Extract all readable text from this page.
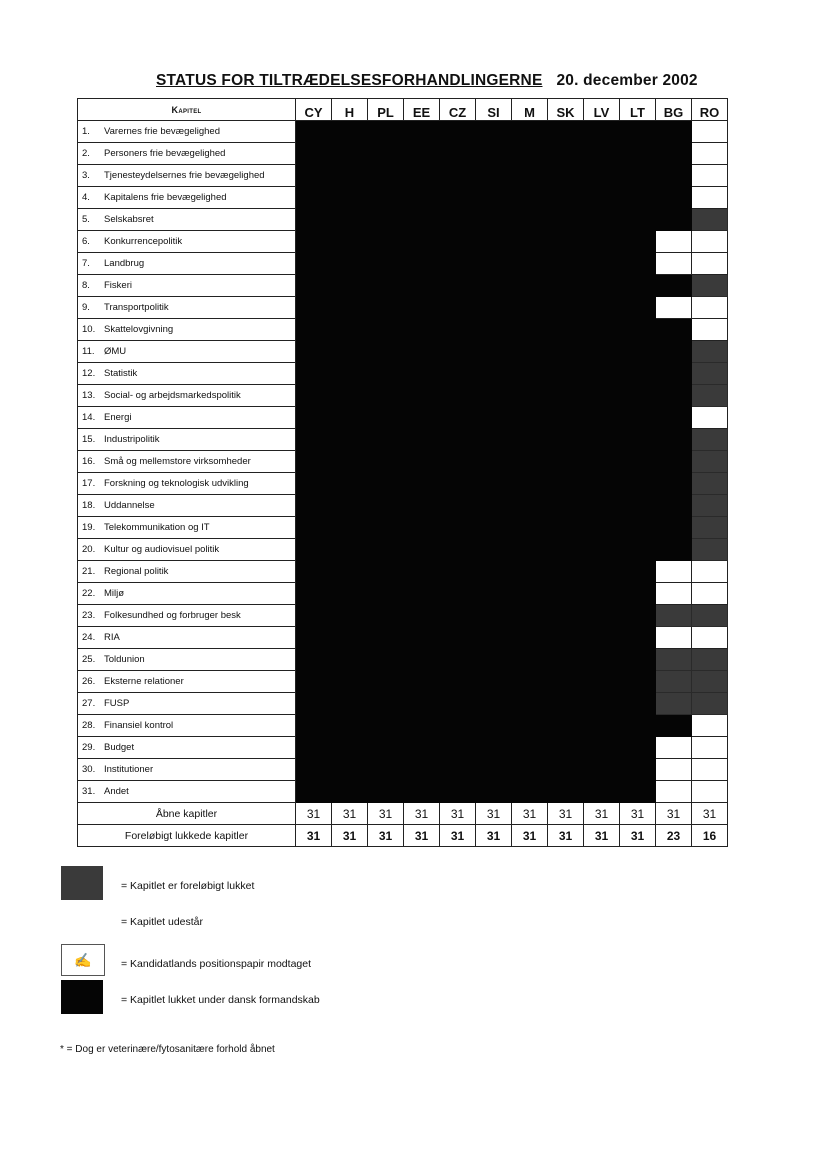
STATUS FOR TILTRÆDELSESFORHANDLINGERNE 20. december 2002
Kapitel	CY	H	PL	EE	CZ	SI	M	SK	LV	LT	BG	RO
1. Varernes frie bevægelighed												
2. Personers frie bevægelighed												
3. Tjenesteydelsernes frie bevægelighed												
4. Kapitalens frie bevægelighed												
5. Selskabsret												
6. Konkurrencepolitik												
7. Landbrug												
8. Fiskeri												
9. Transportpolitik												
10. Skattelovgivning												
11. ØMU												
12. Statistik												
13. Social- og arbejdsmarkedspolitik												
14. Energi												
15. Industripolitik												
16. Små og mellemstore virksomheder												
17. Forskning og teknologisk udvikling												
18. Uddannelse												
19. Telekommunikation og IT												
20. Kultur og audiovisuel politik												
21. Regional politik												
22. Miljø												
23. Folkesundhed og forbruger besk												
24. RIA												
25. Toldunion												
26. Eksterne relationer												
27. FUSP												
28. Finansiel kontrol												
29. Budget												
30. Institutioner												
31. Andet												
Åbne kapitler	31	31	31	31	31	31	31	31	31	31	31	31
Foreløbigt lukkede kapitler	31	31	31	31	31	31	31	31	31	31	23	16
* = Dog er veterinære/fytosanitære forhold åbnet
= Kapitlet er foreløbigt lukket
= Kapitlet udestår
✍	= Kandidatlands positionspapir modtaget
= Kapitlet lukket under dansk formandskab
